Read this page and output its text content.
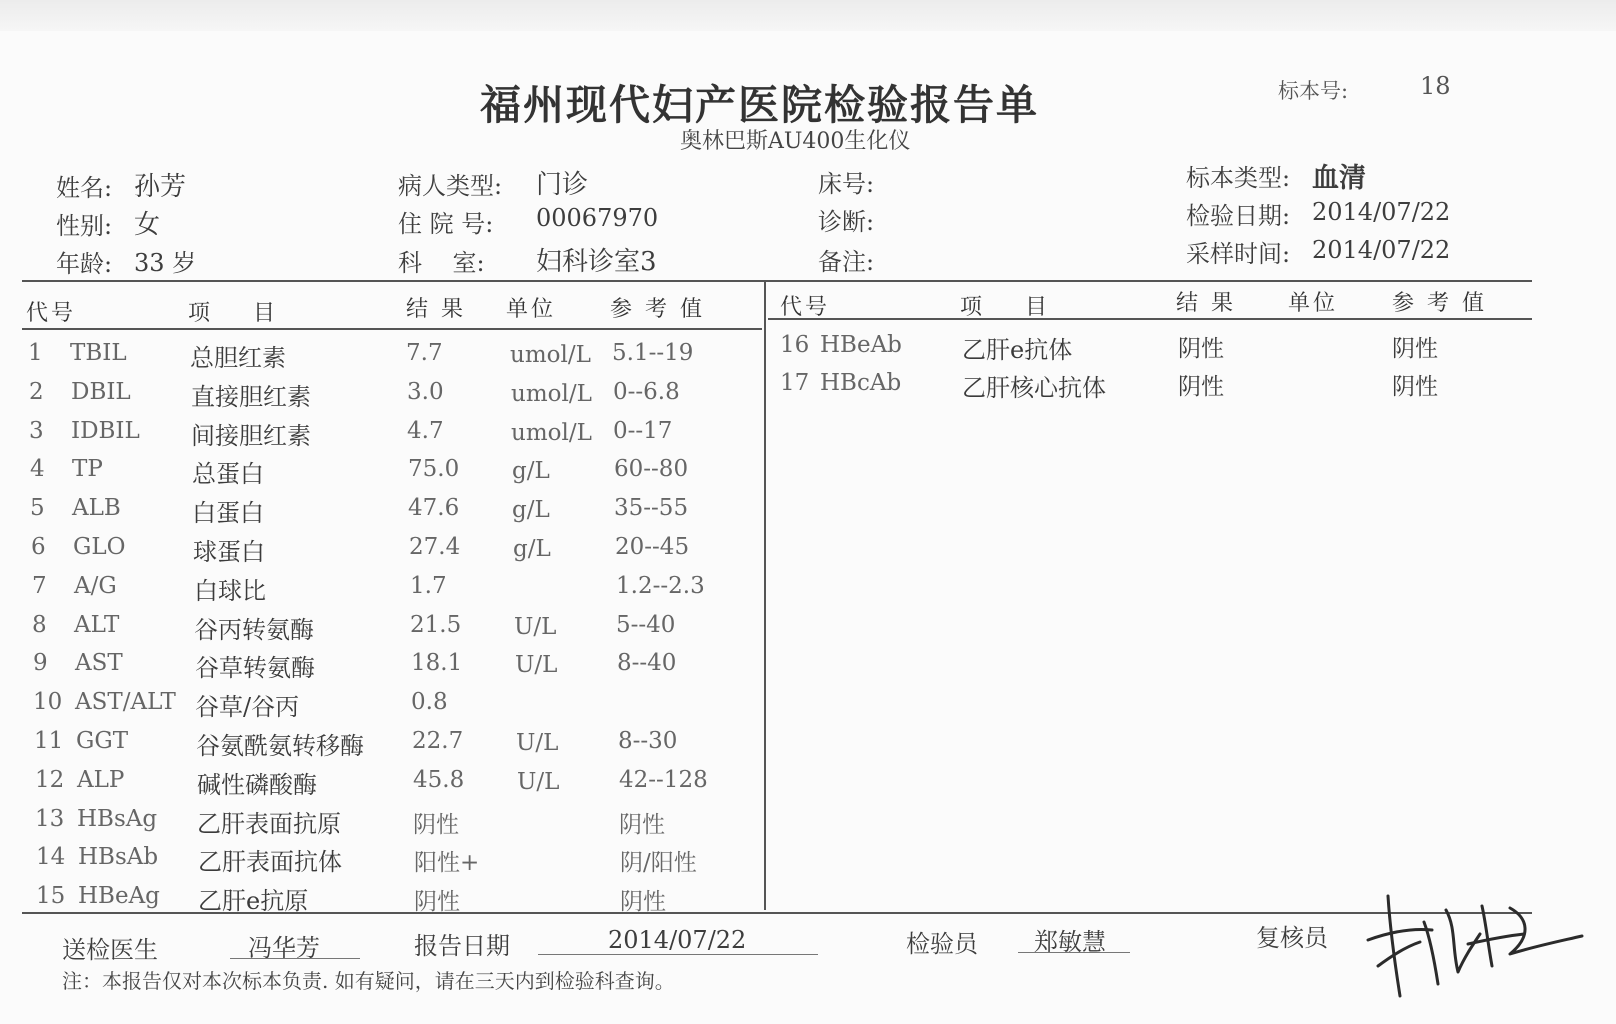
福州现代妇产医院检验报告单
奥林巴斯AU400生化仪
标本号:	18
姓名: 孙芳
性别: 女
年龄: 33 岁
病人类型: 门诊
住 院 号: 00067970
科    室: 妇科诊室3
床号:
诊断:
备注:
标本类型: 血清
检验日期: 2014/07/22
采样时间: 2014/07/22
代号	项    目	结 果 单位 参 考 值	代号	项    目	结 果 单位 参 考 值
1 TBIL	总胆红素	7.7	umol/L 5.1--19
2 DBIL	直接胆红素	3.0	umol/L 0--6.8
3 IDBIL 间接胆红素	4.7	umol/L 0--17
4 TP	总蛋白	75.0 g/L	60--80
5 ALB	白蛋白	47.6 g/L	35--55
6 GLO	球蛋白	27.4 g/L	20--45
7 A/G	白球比	1.7	1.2--2.3
8 ALT	谷丙转氨酶	21.5 U/L	5--40
9 AST	谷草转氨酶	18.1 U/L	8--40
10 AST/ALT 谷草/谷丙	0.8
11 GGT	谷氨酰氨转移酶 22.7 U/L	8--30
12 ALP	碱性磷酸酶	45.8 U/L	42--128
13 HBsAg 乙肝表面抗原	阴性	阴性
14 HBsAb 乙肝表面抗体	阳性+	阴/阳性
15 HBeAg 乙肝e抗原	阴性	阴性
16 HBeAb	乙肝e抗体	阴性	阴性
17 HBcAb	乙肝核心抗体	阴性	阴性
送检医生	冯华芳	报告日期	2014/07/22	检验员 郑敏慧	复核员
注：本报告仅对本次标本负责. 如有疑问，请在三天内到检验科查询。
